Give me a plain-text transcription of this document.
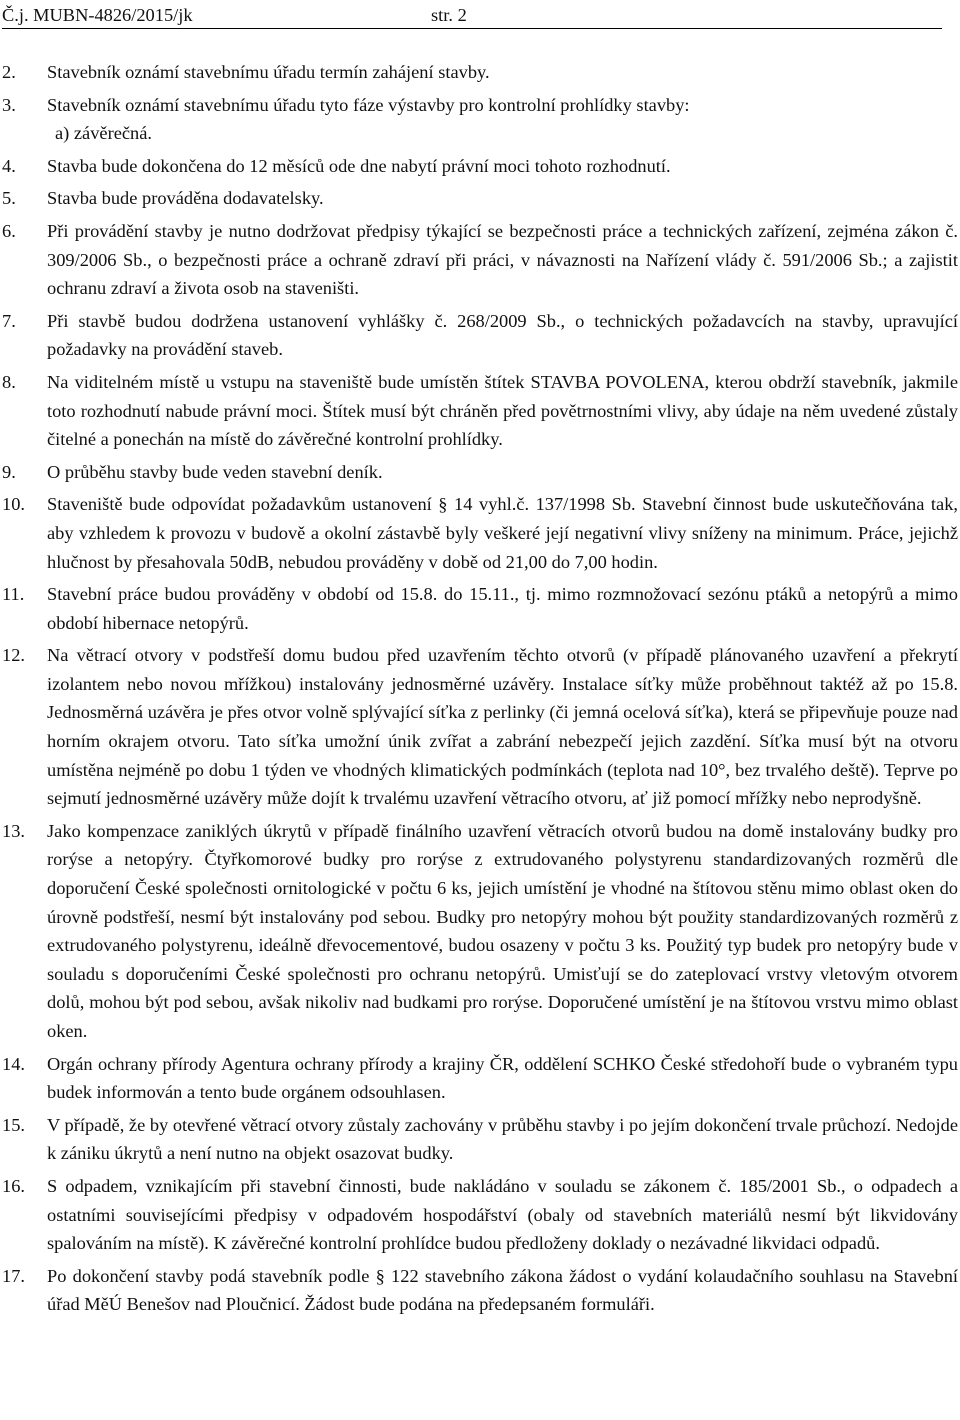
Č.j. MUBN-4826/2015/jk	str. 2
2. Stavebník oznámí stavebnímu úřadu termín zahájení stavby.
3. Stavebník oznámí stavebnímu úřadu tyto fáze výstavby pro kontrolní prohlídky stavby:
a) závěrečná.
4. Stavba bude dokončena do 12 měsíců ode dne nabytí právní moci tohoto rozhodnutí.
5. Stavba bude prováděna dodavatelsky.
6. Při provádění stavby je nutno dodržovat předpisy týkající se bezpečnosti práce a technických zařízení, zejména zákon č. 309/2006 Sb., o bezpečnosti práce a ochraně zdraví při práci, v návaznosti na Nařízení vlády č. 591/2006 Sb.; a zajistit ochranu zdraví a života osob na staveništi.
7. Při stavbě budou dodržena ustanovení vyhlášky č. 268/2009 Sb., o technických požadavcích na stavby, upravující požadavky na provádění staveb.
8. Na viditelném místě u vstupu na staveniště bude umístěn štítek STAVBA POVOLENA, kterou obdrží stavebník, jakmile toto rozhodnutí nabude právní moci. Štítek musí být chráněn před povětrnostními vlivy, aby údaje na něm uvedené zůstaly čitelné a ponechán na místě do závěrečné kontrolní prohlídky.
9. O průběhu stavby bude veden stavební deník.
10. Staveniště bude odpovídat požadavkům ustanovení § 14 vyhl.č. 137/1998 Sb. Stavební činnost bude uskutečňována tak, aby vzhledem k provozu v budově a okolní zástavbě byly veškeré její negativní vlivy sníženy na minimum. Práce, jejichž hlučnost by přesahovala 50dB, nebudou prováděny v době od 21,00 do 7,00 hodin.
11. Stavební práce budou prováděny v období od 15.8. do 15.11., tj. mimo rozmnožovací sezónu ptáků a netopýrů a mimo období hibernace netopýrů.
12. Na větrací otvory v podstřeší domu budou před uzavřením těchto otvorů (v případě plánovaného uzavření a překrytí izolantem nebo novou mřížkou) instalovány jednosměrné uzávěry. Instalace síťky může proběhnout taktéž až po 15.8. Jednosměrná uzávěra je přes otvor volně splývající síťka z perlinky (či jemná ocelová síťka), která se připevňuje pouze nad horním okrajem otvoru. Tato síťka umožní únik zvířat a zabrání nebezpečí jejich zazdění. Síťka musí být na otvoru umístěna nejméně po dobu 1 týden ve vhodných klimatických podmínkách (teplota nad 10°, bez trvalého deště). Teprve po sejmutí jednosměrné uzávěry může dojít k trvalému uzavření větracího otvoru, ať již pomocí mřížky nebo neprodyšně.
13. Jako kompenzace zaniklých úkrytů v případě finálního uzavření větracích otvorů budou na domě instalovány budky pro rorýse a netopýry. Čtyřkomorové budky pro rorýse z extrudovaného polystyrenu standardizovaných rozměrů dle doporučení České společnosti ornitologické v počtu 6 ks, jejich umístění je vhodné na štítovou stěnu mimo oblast oken do úrovně podstřeší, nesmí být instalovány pod sebou. Budky pro netopýry mohou být použity standardizovaných rozměrů z extrudovaného polystyrenu, ideálně dřevocementové, budou osazeny v počtu 3 ks. Použitý typ budek pro netopýry bude v souladu s doporučeními České společnosti pro ochranu netopýrů. Umisťují se do zateplovací vrstvy vletovým otvorem dolů, mohou být pod sebou, avšak nikoliv nad budkami pro rorýse. Doporučené umístění je na štítovou vrstvu mimo oblast oken.
14. Orgán ochrany přírody Agentura ochrany přírody a krajiny ČR, oddělení SCHKO České středohoří bude o vybraném typu budek informován a tento bude orgánem odsouhlasen.
15. V případě, že by otevřené větrací otvory zůstaly zachovány v průběhu stavby i po jejím dokončení trvale průchozí. Nedojde k zániku úkrytů a není nutno na objekt osazovat budky.
16. S odpadem, vznikajícím při stavební činnosti, bude nakládáno v souladu se zákonem č. 185/2001 Sb., o odpadech a ostatními souvisejícími předpisy v odpadovém hospodářství (obaly od stavebních materiálů nesmí být likvidovány spalováním na místě). K závěrečné kontrolní prohlídce budou předloženy doklady o nezávadné likvidaci odpadů.
17. Po dokončení stavby podá stavebník podle § 122 stavebního zákona žádost o vydání kolaudačního souhlasu na Stavební úřad MěÚ Benešov nad Ploučnicí. Žádost bude podána na předepsaném formuláři.
